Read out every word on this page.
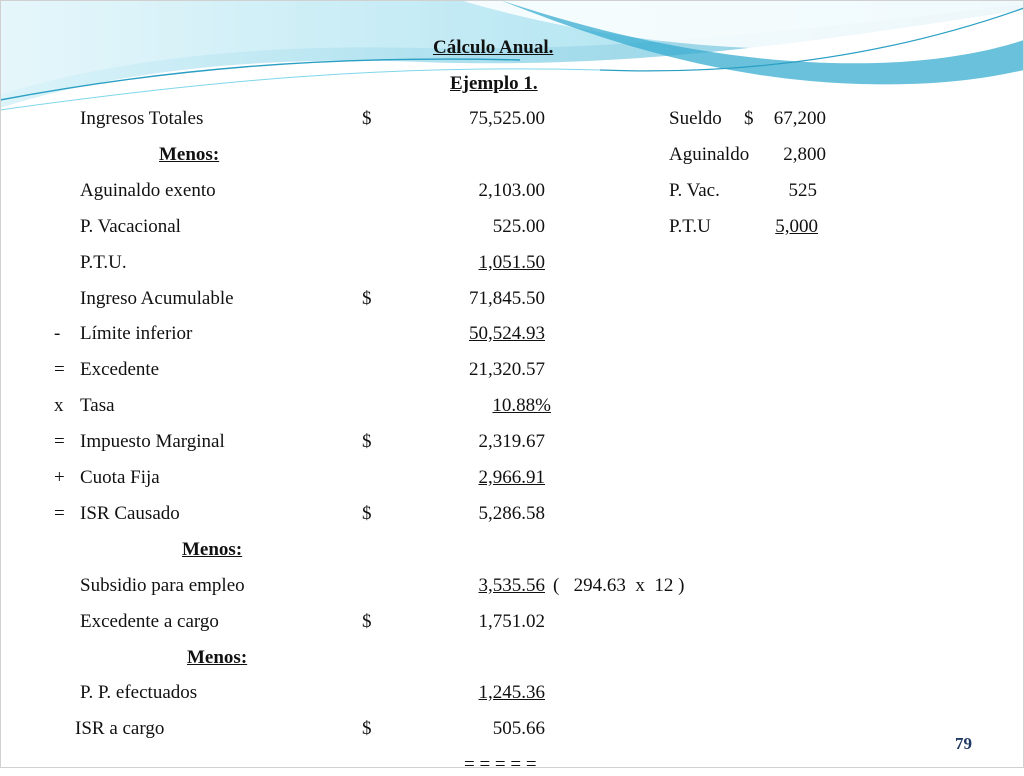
Cálculo Anual.
Ejemplo 1.
Ingresos Totales	$	75,525.00
Menos:
Aguinaldo exento	2,103.00
P. Vacacional	525.00
P.T.U.	1,051.50
Ingreso Acumulable	$	71,845.50
- Límite inferior	50,524.93
= Excedente	21,320.57
x Tasa	10.88%
= Impuesto Marginal	$	2,319.67
+ Cuota Fija	2,966.91
= ISR Causado	$	5,286.58
Menos:
Subsidio para empleo	3,535.56 (   294.63  x  12 )
Excedente a cargo	$	1,751.02
Menos:
P. P. efectuados	1,245.36
ISR a cargo	$	505.66
= = = = =
Sueldo $	67,200
Aguinaldo	2,800
P. Vac.	525
P.T.U	5,000
79
